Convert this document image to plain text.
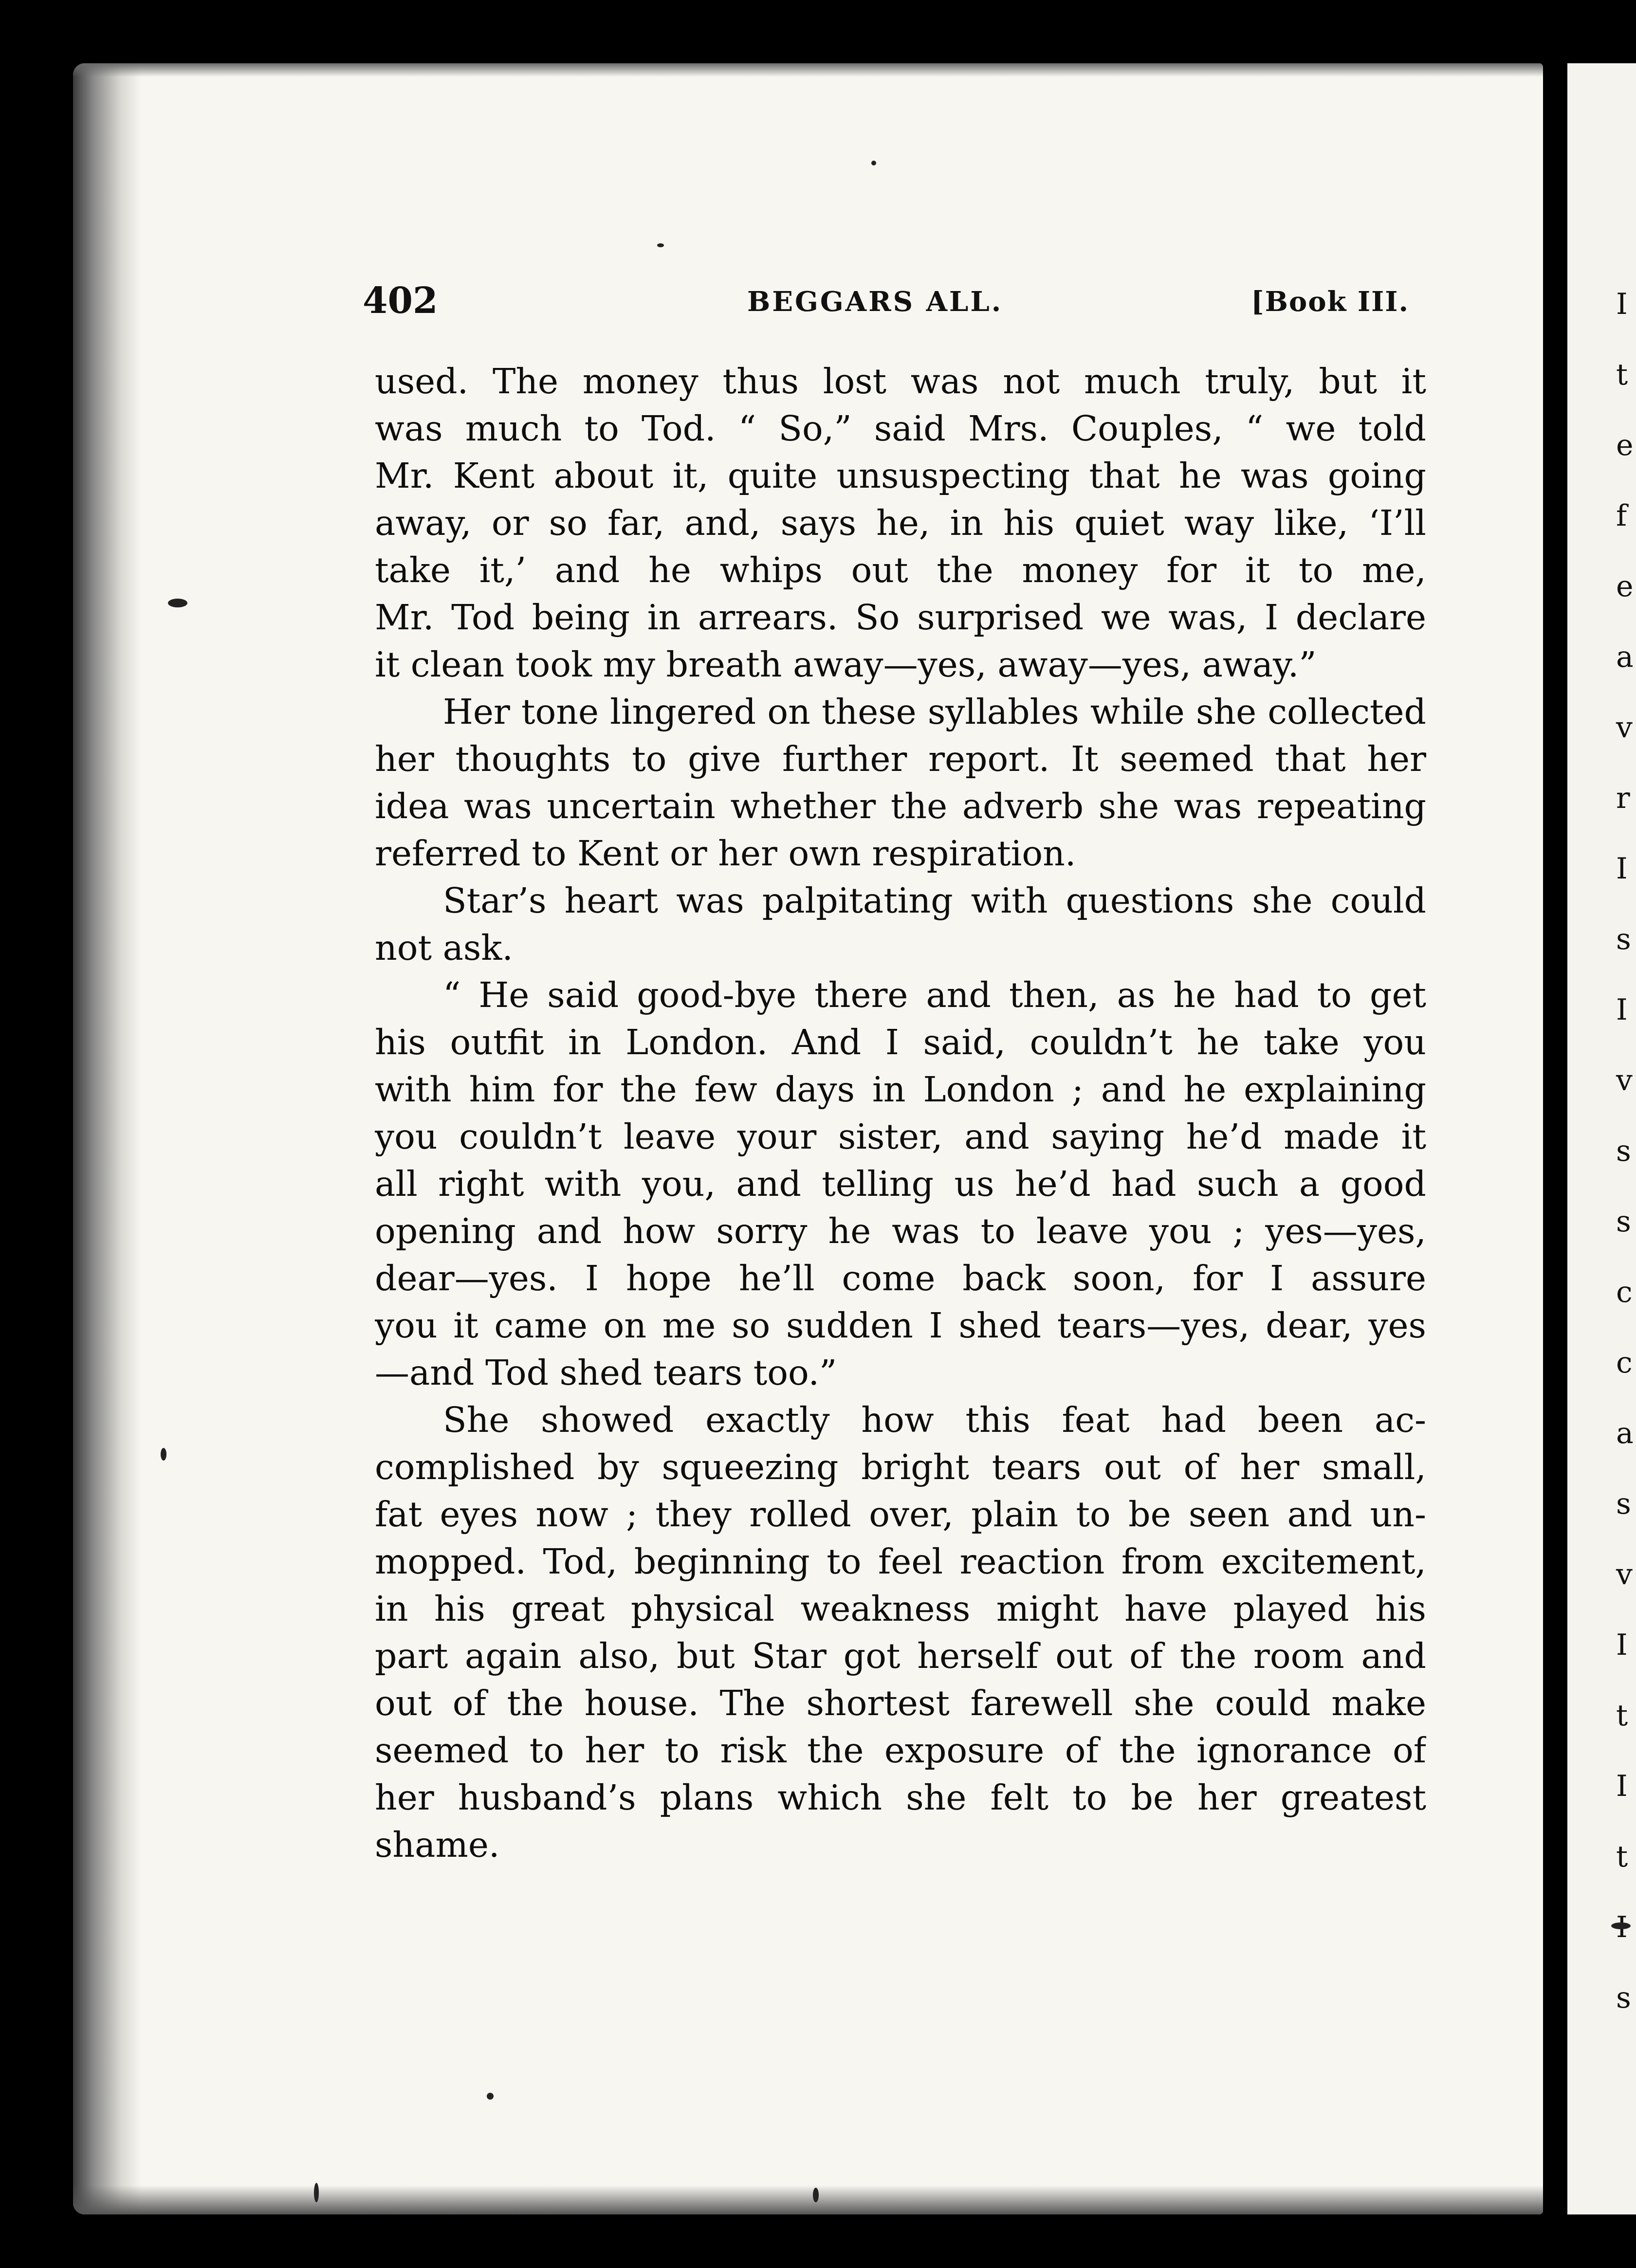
I
t
e
f
e
a
v
r
I
s
I
v
s
s
c
c
a
s
v
I
t
I
t
s
402	BEGGARS ALL.	[Book III.
used. The money thus lost was not much truly, but it
was much to Tod. “ So,” said Mrs. Couples, “ we told
Mr. Kent about it, quite unsuspecting that he was going
away, or so far, and, says he, in his quiet way like, ‘I’ll
take it,’ and he whips out the money for it to me,
Mr. Tod being in arrears. So surprised we was, I declare
it clean took my breath away—yes, away—yes, away.”
Her tone lingered on these syllables while she collected
her thoughts to give further report. It seemed that her
idea was uncertain whether the adverb she was repeating
referred to Kent or her own respiration.
Star’s heart was palpitating with questions she could
not ask.
“ He said good-bye there and then, as he had to get
his outfit in London. And I said, couldn’t he take you
with him for the few days in London ; and he explaining
you couldn’t leave your sister, and saying he’d made it
all right with you, and telling us he’d had such a good
opening and how sorry he was to leave you ; yes—yes,
dear—yes. I hope he’ll come back soon, for I assure
you it came on me so sudden I shed tears—yes, dear, yes
—and Tod shed tears too.”
She showed exactly how this feat had been ac-
complished by squeezing bright tears out of her small,
fat eyes now ; they rolled over, plain to be seen and un-
mopped. Tod, beginning to feel reaction from excitement,
in his great physical weakness might have played his
part again also, but Star got herself out of the room and
out of the house. The shortest farewell she could make
seemed to her to risk the exposure of the ignorance of
her husband’s plans which she felt to be her greatest
shame.
